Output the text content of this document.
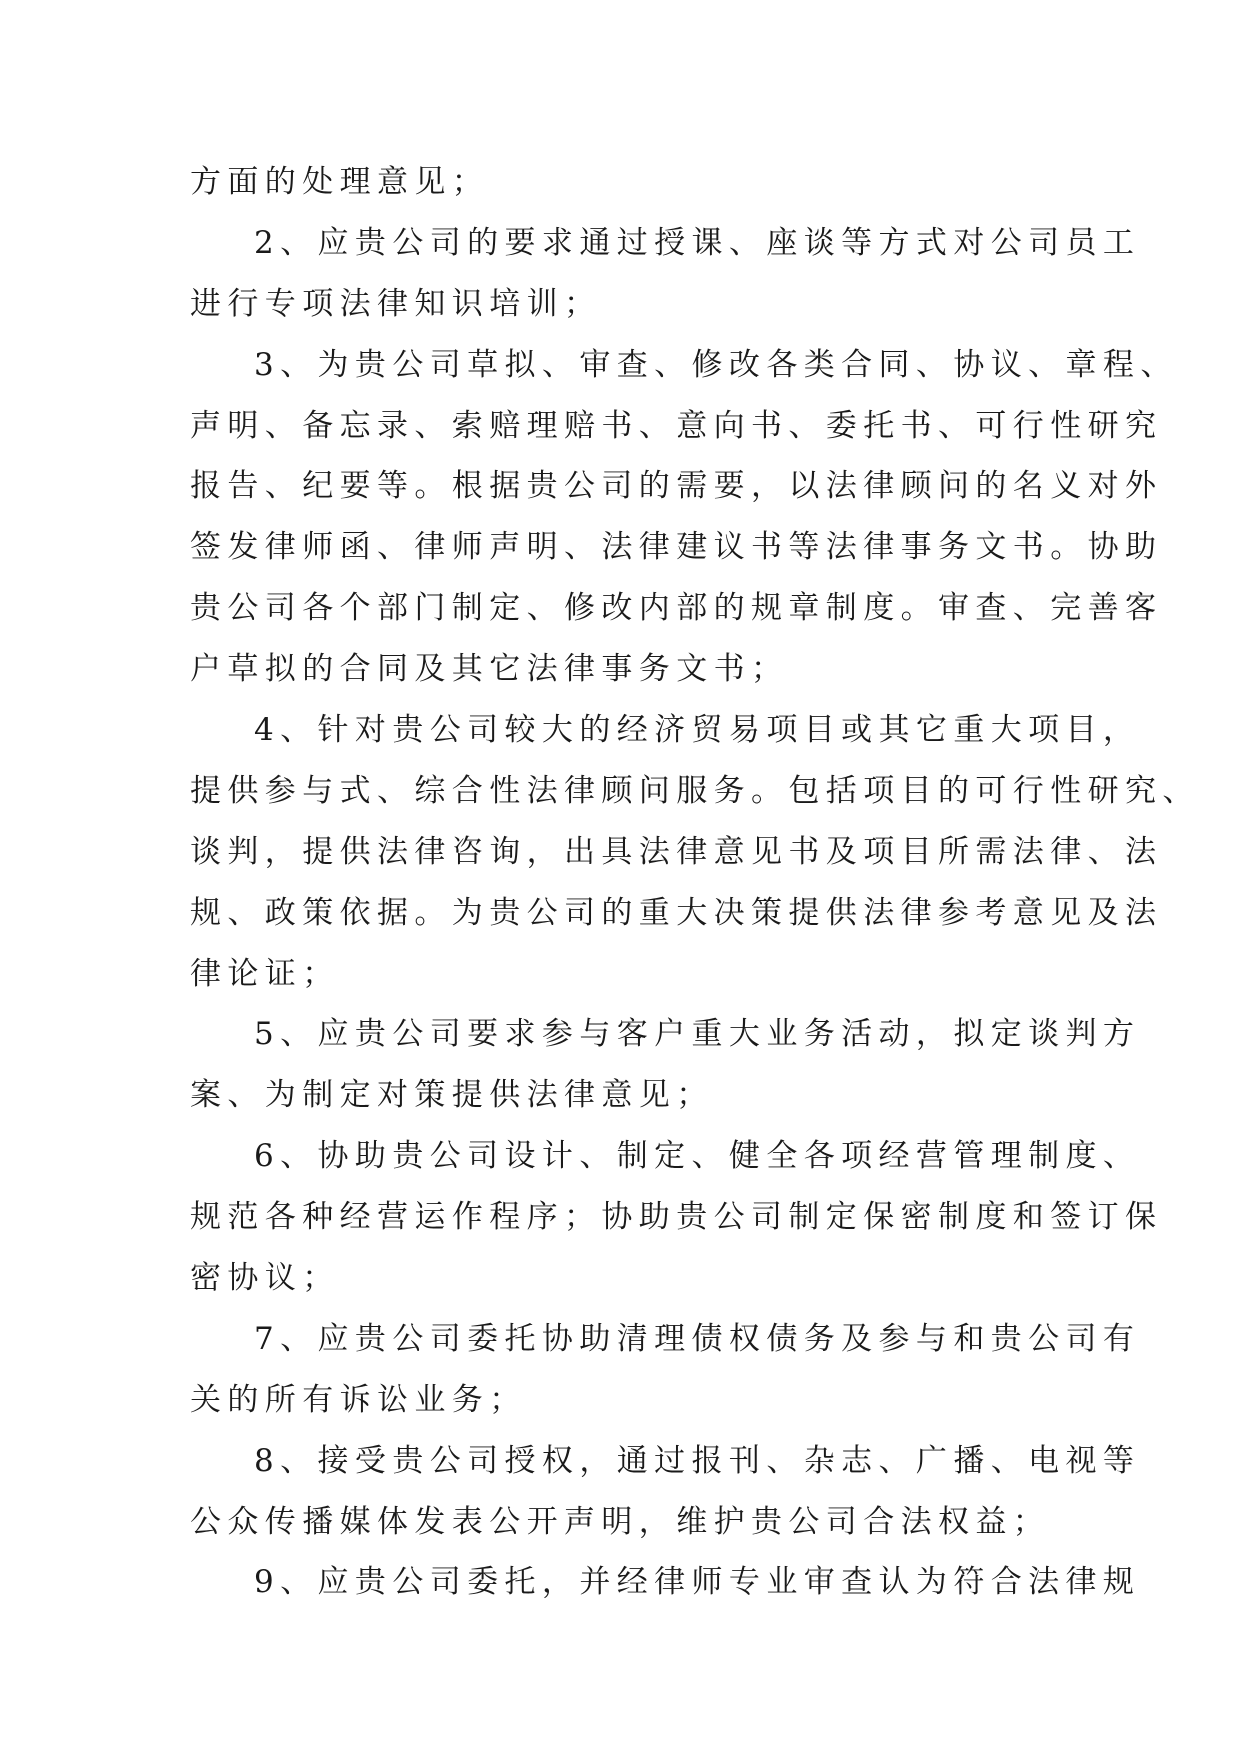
方面的处理意见；
2、应贵公司的要求通过授课、座谈等方式对公司员工
进行专项法律知识培训；
3、为贵公司草拟、审查、修改各类合同、协议、章程、
声明、备忘录、索赔理赔书、意向书、委托书、可行性研究
报告、纪要等。根据贵公司的需要，以法律顾问的名义对外
签发律师函、律师声明、法律建议书等法律事务文书。协助
贵公司各个部门制定、修改内部的规章制度。审查、完善客
户草拟的合同及其它法律事务文书；
4、针对贵公司较大的经济贸易项目或其它重大项目，
提供参与式、综合性法律顾问服务。包括项目的可行性研究、
谈判，提供法律咨询，出具法律意见书及项目所需法律、法
规、政策依据。为贵公司的重大决策提供法律参考意见及法
律论证；
5、应贵公司要求参与客户重大业务活动，拟定谈判方
案、为制定对策提供法律意见；
6、协助贵公司设计、制定、健全各项经营管理制度、
规范各种经营运作程序；协助贵公司制定保密制度和签订保
密协议；
7、应贵公司委托协助清理债权债务及参与和贵公司有
关的所有诉讼业务；
8、接受贵公司授权，通过报刊、杂志、广播、电视等
公众传播媒体发表公开声明，维护贵公司合法权益；
9、应贵公司委托，并经律师专业审查认为符合法律规
